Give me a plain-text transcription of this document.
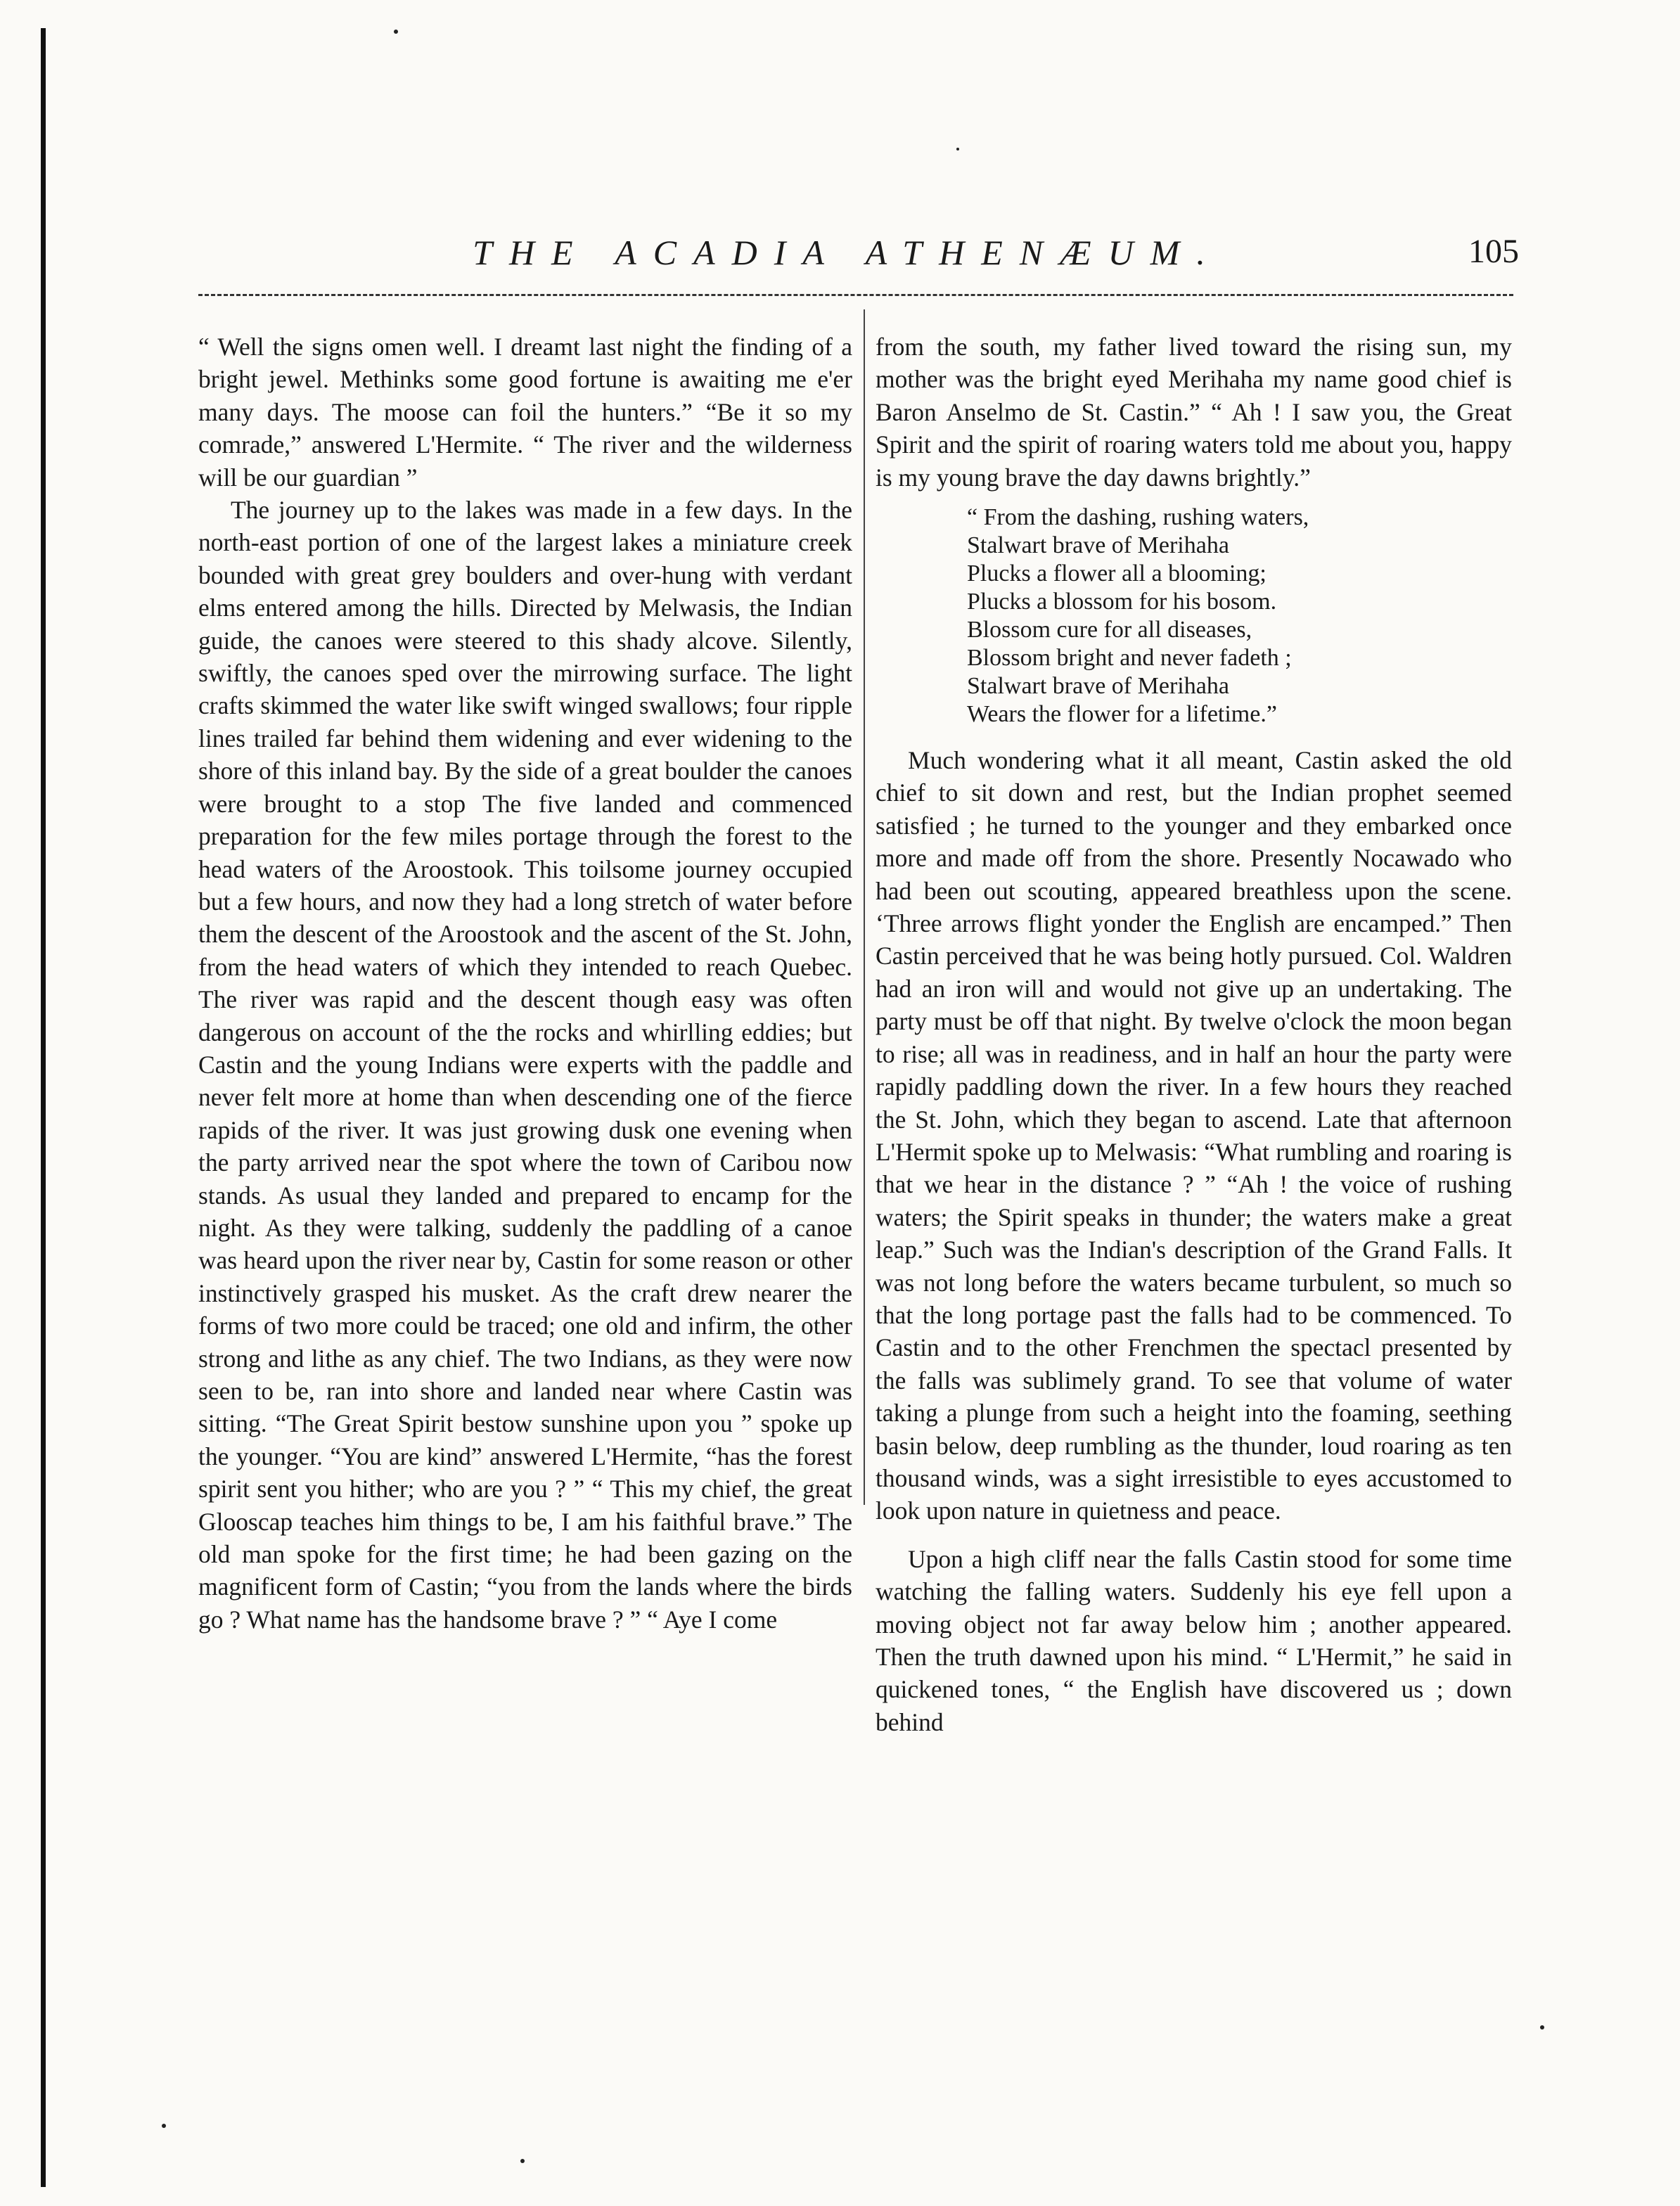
THE ACADIA ATHENÆUM.	105

“ Well the signs omen well. I dreamt last night the finding of a bright jewel. Methinks some good fortune is awaiting me e'er many days. The moose can foil the hunters.” “Be it so my comrade,” answered L'Hermite. “ The river and the wilderness will be our guardian ”

The journey up to the lakes was made in a few days. In the north-east portion of one of the largest lakes a miniature creek bounded with great grey boulders and over-hung with verdant elms entered among the hills. Directed by Melwasis, the Indian guide, the canoes were steered to this shady alcove. Silently, swiftly, the canoes sped over the mirrowing surface. The light crafts skimmed the water like swift winged swallows; four ripple lines trailed far behind them widening and ever widening to the shore of this inland bay. By the side of a great boulder the canoes were brought to a stop The five landed and commenced preparation for the few miles portage through the forest to the head waters of the Aroostook. This toilsome journey occupied but a few hours, and now they had a long stretch of water before them the descent of the Aroostook and the ascent of the St. John, from the head waters of which they intended to reach Quebec. The river was rapid and the descent though easy was often dangerous on account of the the rocks and whirlling eddies; but Castin and the young Indians were experts with the paddle and never felt more at home than when descending one of the fierce rapids of the river. It was just growing dusk one evening when the party arrived near the spot where the town of Caribou now stands. As usual they landed and prepared to encamp for the night. As they were talking, suddenly the paddling of a canoe was heard upon the river near by, Castin for some reason or other instinctively grasped his musket. As the craft drew nearer the forms of two more could be traced; one old and infirm, the other strong and lithe as any chief. The two Indians, as they were now seen to be, ran into shore and landed near where Castin was sitting. “The Great Spirit bestow sunshine upon you ” spoke up the younger. “You are kind” answered L'Hermite, “has the forest spirit sent you hither; who are you ? ” “ This my chief, the great Glooscap teaches him things to be, I am his faithful brave.” The old man spoke for the first time; he had been gazing on the magnificent form of Castin; “you from the lands where the birds go ? What name has the handsome brave ? ” “ Aye I come

from the south, my father lived toward the rising sun, my mother was the bright eyed Merihaha my name good chief is Baron Anselmo de St. Castin.” “ Ah ! I saw you, the Great Spirit and the spirit of roaring waters told me about you, happy is my young brave the day dawns brightly.”

“ From the dashing, rushing waters,
Stalwart brave of Merihaha
Plucks a flower all a blooming;
Plucks a blossom for his bosom.
Blossom cure for all diseases,
Blossom bright and never fadeth ;
Stalwart brave of Merihaha
Wears the flower for a lifetime.”

Much wondering what it all meant, Castin asked the old chief to sit down and rest, but the Indian prophet seemed satisfied ; he turned to the younger and they embarked once more and made off from the shore. Presently Nocawado who had been out scouting, appeared breathless upon the scene. ‘Three arrows flight yonder the English are encamped.” Then Castin perceived that he was being hotly pursued. Col. Waldren had an iron will and would not give up an undertaking. The party must be off that night. By twelve o'clock the moon began to rise; all was in readiness, and in half an hour the party were rapidly paddling down the river. In a few hours they reached the St. John, which they began to ascend. Late that afternoon L'Hermit spoke up to Melwasis: “What rumbling and roaring is that we hear in the distance ? ” “Ah ! the voice of rushing waters; the Spirit speaks in thunder; the waters make a great leap.” Such was the Indian's description of the Grand Falls. It was not long before the waters became turbulent, so much so that the long portage past the falls had to be commenced. To Castin and to the other Frenchmen the spectacl presented by the falls was sublimely grand. To see that volume of water taking a plunge from such a height into the foaming, seething basin below, deep rumbling as the thunder, loud roaring as ten thousand winds, was a sight irresistible to eyes accustomed to look upon nature in quietness and peace.

Upon a high cliff near the falls Castin stood for some time watching the falling waters. Suddenly his eye fell upon a moving object not far away below him ; another appeared. Then the truth dawned upon his mind. “ L'Hermit,” he said in quickened tones, “ the English have discovered us ; down behind
